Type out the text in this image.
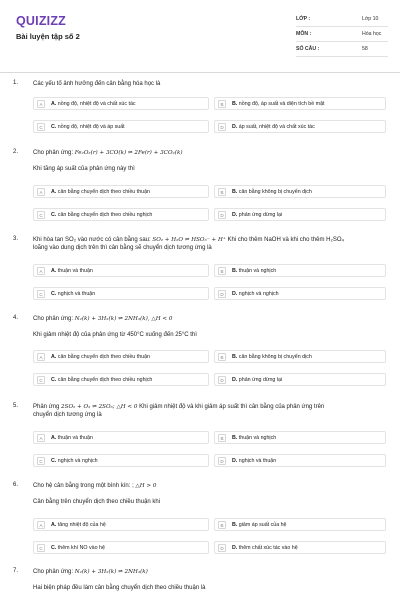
QUIZIZZ
Bài luyện tập số 2
LỚP :	Lớp 10
MÔN :	Hóa học
SỐ CÂU :	58
1. Các yếu tố ảnh hưởng đến cân bằng hóa học là
A	A. nồng độ, nhiệt độ và chất xúc tác	B	B. nồng độ, áp suất và diện tích bề mặt
C	C. nồng độ, nhiệt độ và áp suất	D	D. áp suất, nhiệt độ và chất xúc tác
2. Cho phản ứng: Fe₂O₃(r) + 3CO(k) ⇌ 2Fe(r) + 3CO₂(k)
Khi tăng áp suất của phản ứng này thì
A	A. cân bằng chuyển dịch theo chiều thuận	B	B. cân bằng không bị chuyển dịch
C	C. cân bằng chuyển dịch theo chiều nghịch	D	D. phản ứng dừng lại
3. Khi hòa tan SO₂ vào nước có cân bằng sau: SO₂ + H₂O ⇌ HSO₃⁻ + H⁺ Khi cho thêm NaOH và khi cho thêm H₂SO₄
loãng vào dung dịch trên thì cân bằng sẽ chuyển dịch tương ứng là
A	A. thuận và thuận	B	B. thuận và nghịch
C	C. nghịch và thuận	D	D. nghịch và nghịch
4. Cho phản ứng: N₂(k) + 3H₂(k) ⇌ 2NH₃(k), △H < 0
Khi giảm nhiệt độ của phản ứng từ 450°C xuống đến 25°C thì
A	A. cân bằng chuyển dịch theo chiều thuận	B	B. cân bằng không bị chuyển dịch
C	C. cân bằng chuyển dịch theo chiều nghịch	D	D. phản ứng dừng lại
5. Phản ứng 2SO₂ + O₂ ⇌ 2SO₃; △H < 0 Khi giảm nhiệt độ và khi giảm áp suất thì cân bằng của phản ứng trên
chuyển dịch tương ứng là
A	A. thuận và thuận	B	B. thuận và nghịch
C	C. nghịch và nghịch	D	D. nghịch và thuận
6. Cho hệ cân bằng trong một bình kín: ; △H > 0
Cân bằng trên chuyển dịch theo chiều thuận khi
A	A. tăng nhiệt độ của hệ	B	B. giảm áp suất của hệ
C	C. thêm khí NO vào hệ	D	D. thêm chất xúc tác vào hệ
7. Cho phản ứng: N₂(k) + 3H₂(k) ⇌ 2NH₃(k)
Hai biện pháp đều làm cân bằng chuyển dịch theo chiều thuận là
